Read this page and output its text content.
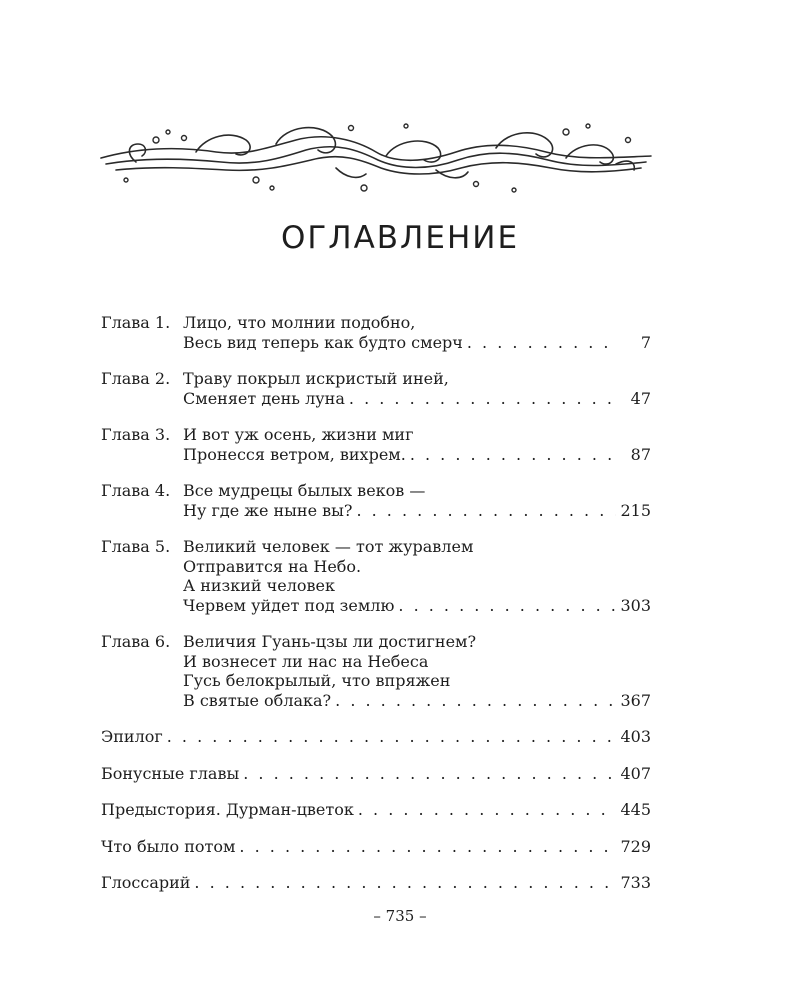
ОГЛАВЛЕНИЕ
Глава 1. Лицо, что молнии подобно,
Весь вид теперь как будто смерч . . .	7
Глава 2. Траву покрыл искристый иней,
Сменяет день луна . . .	47
Глава 3. И вот уж осень, жизни миг
Пронесся ветром, вихрем. . . .	87
Глава 4. Все мудрецы былых веков —
Ну где же ныне вы? . . .	215
Глава 5. Великий человек — тот журавлем
Отправится на Небо.
А низкий человек
Червем уйдет под землю . . .	303
Глава 6. Величия Гуань-цзы ли достигнем?
И вознесет ли нас на Небеса
Гусь белокрылый, что впряжен
В святые облака? . . .	367
Эпилог . . .	403
Бонусные главы . . .	407
Предыстория. Дурман-цветок . . .	445
Что было потом . . .	729
Глоссарий . . .	733
– 735 –
